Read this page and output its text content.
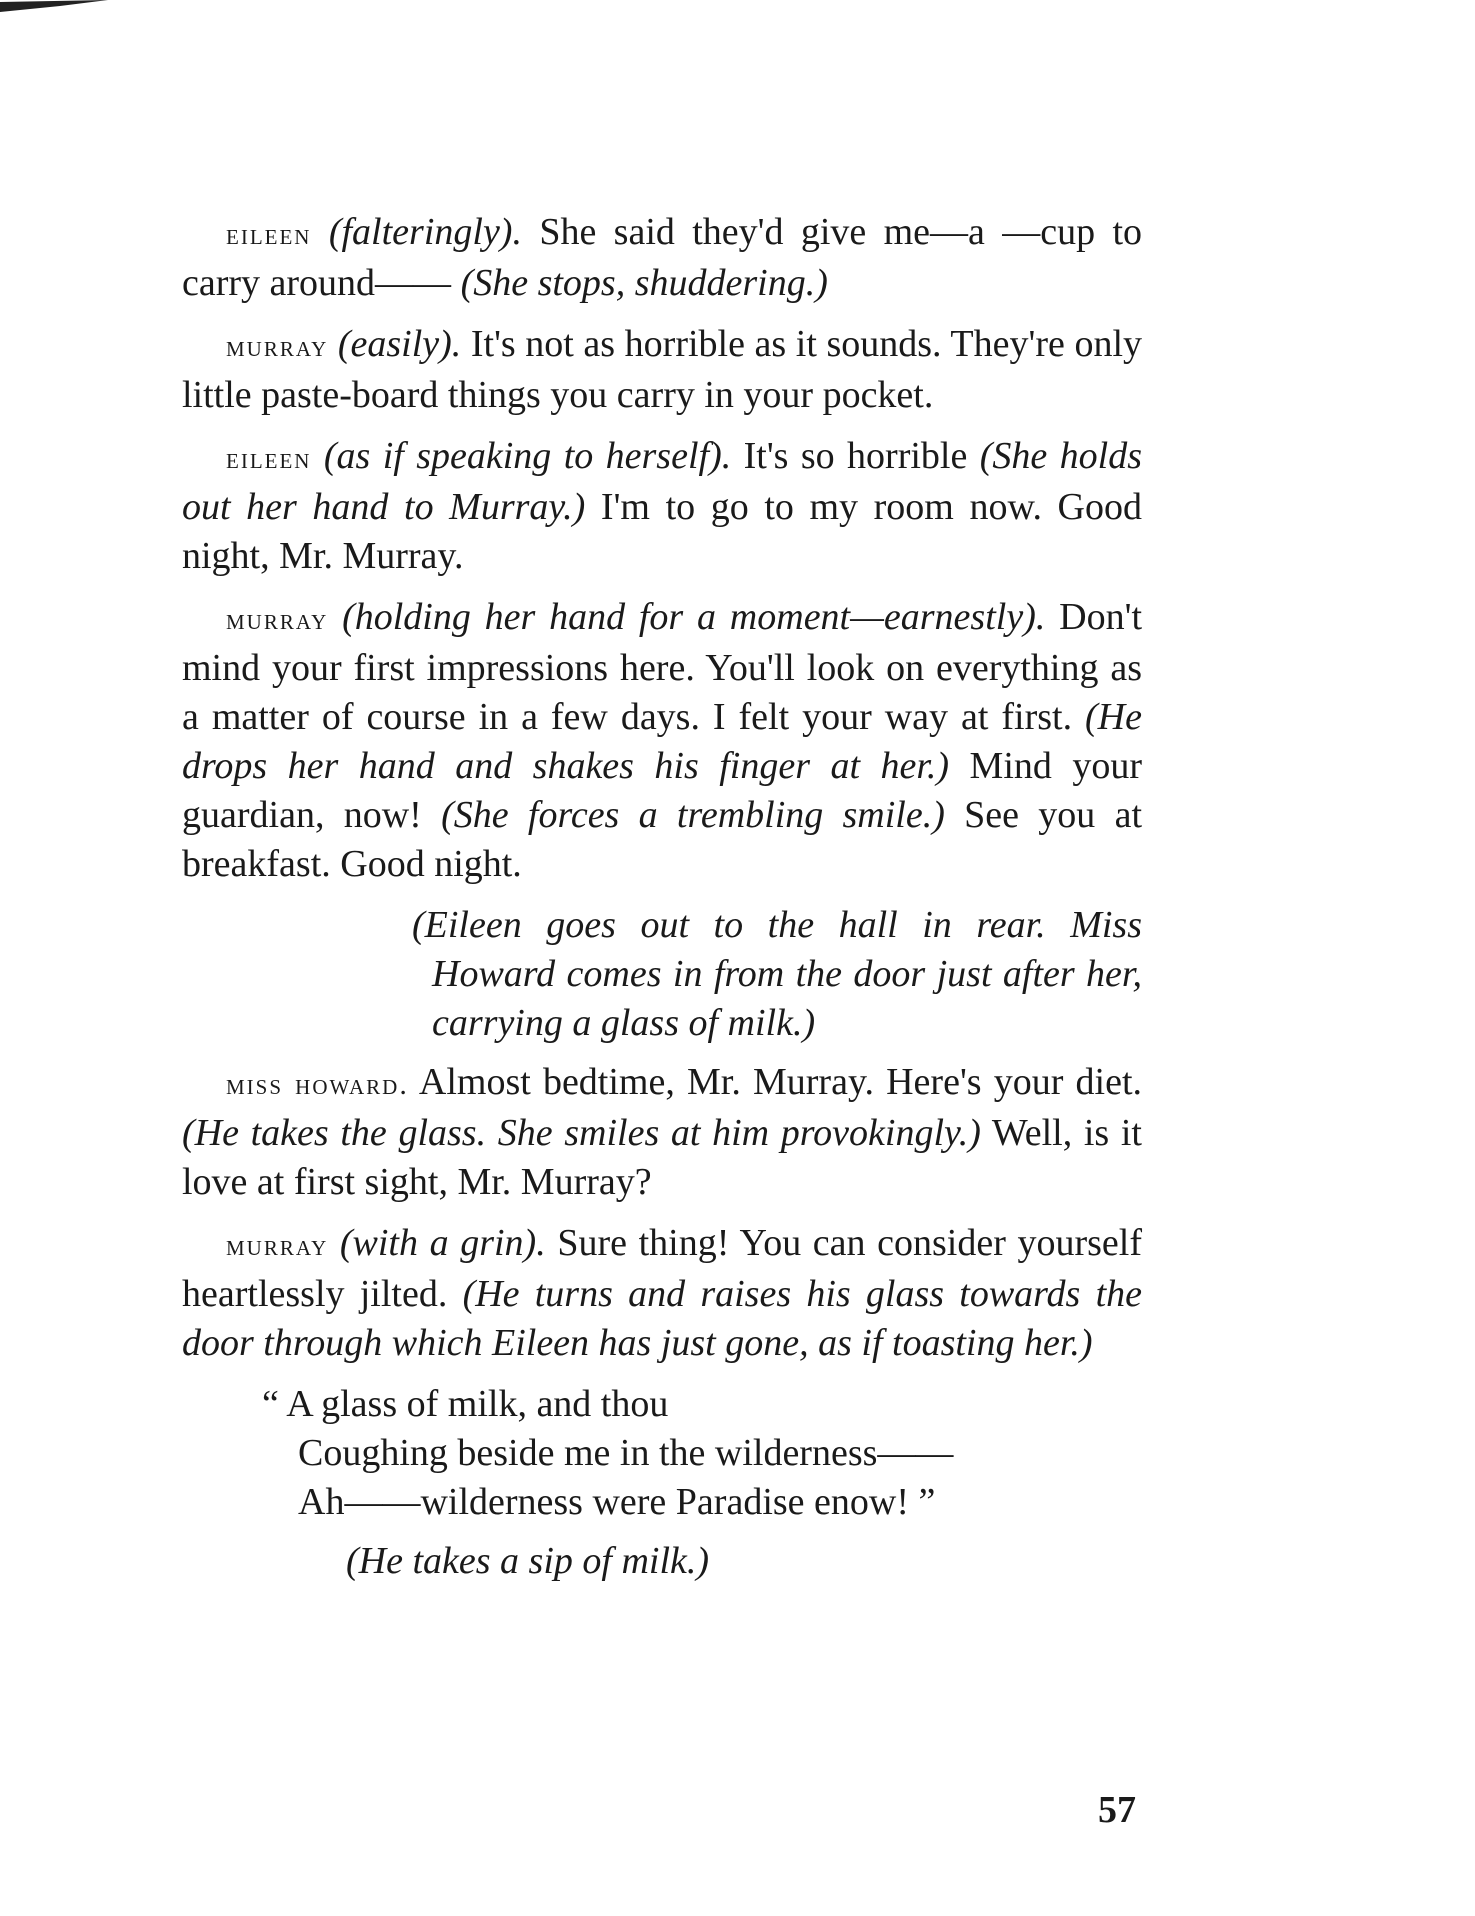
eileen (falteringly). She said they'd give me—a —cup to carry around—— (She stops, shuddering.)

murray (easily). It's not as horrible as it sounds. They're only little paste-board things you carry in your pocket.

eileen (as if speaking to herself). It's so horrible (She holds out her hand to Murray.) I'm to go to my room now. Good night, Mr. Murray.

murray (holding her hand for a moment—earnestly). Don't mind your first impressions here. You'll look on everything as a matter of course in a few days. I felt your way at first. (He drops her hand and shakes his finger at her.) Mind your guardian, now! (She forces a trembling smile.) See you at breakfast. Good night.

(Eileen goes out to the hall in rear. Miss Howard comes in from the door just after her, carrying a glass of milk.)

miss howard. Almost bedtime, Mr. Murray. Here's your diet. (He takes the glass. She smiles at him provokingly.) Well, is it love at first sight, Mr. Murray?

murray (with a grin). Sure thing! You can consider yourself heartlessly jilted. (He turns and raises his glass towards the door through which Eileen has just gone, as if toasting her.)

“ A glass of milk, and thou
Coughing beside me in the wilderness——
Ah——wilderness were Paradise enow! ”

(He takes a sip of milk.)

57
